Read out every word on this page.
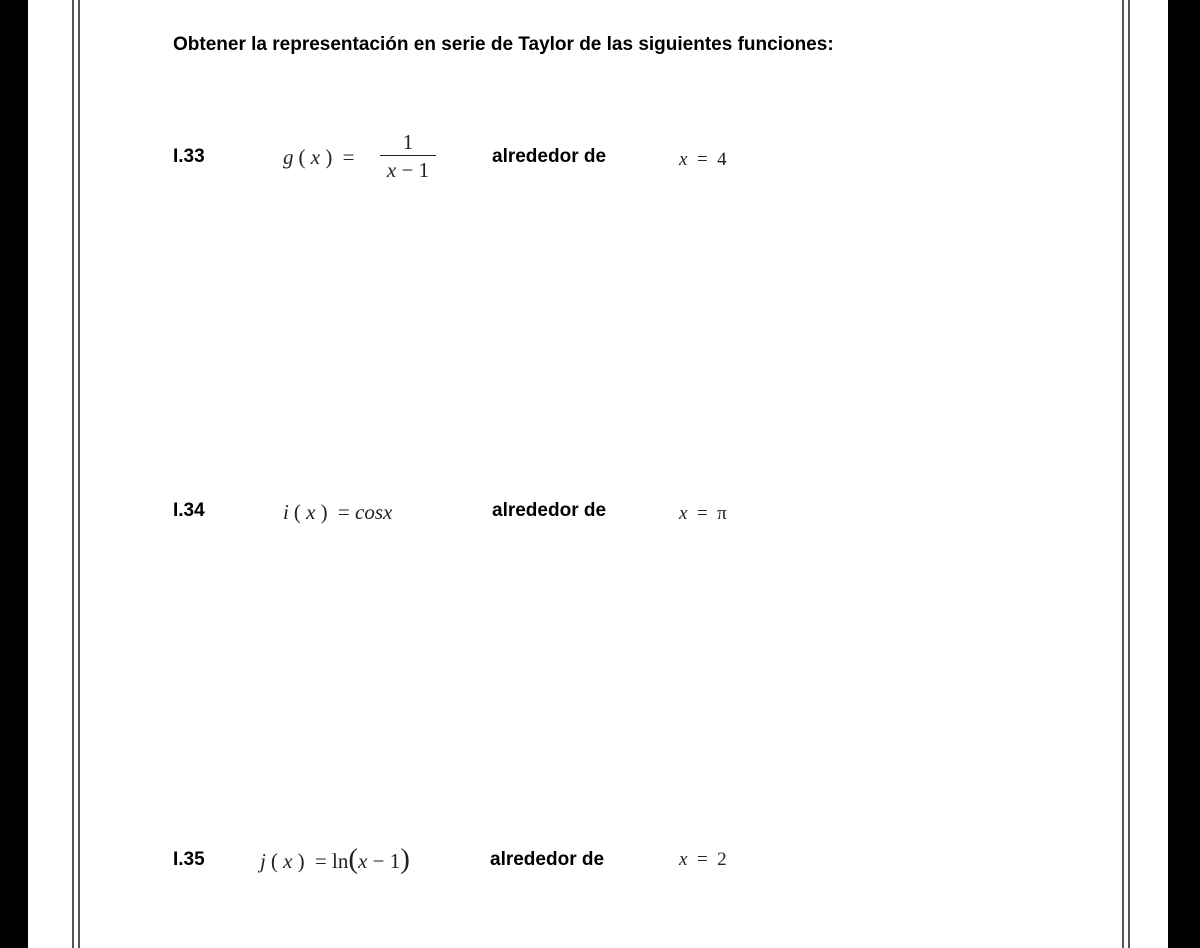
Obtener la representación en serie de Taylor de las siguientes funciones:
I.33	g ( x ) =
1
x − 1
alrededor de	x  =  4
I.34	i ( x ) = cosx	alrededor de	x  =  π
I.35	j ( x ) = ln(x − 1)	alrededor de	x  =  2
